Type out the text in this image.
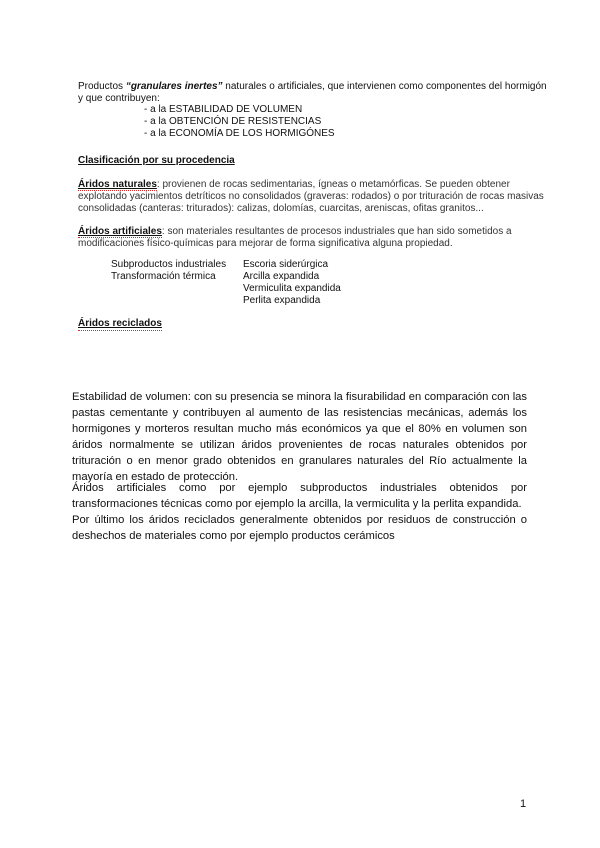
Productos “granulares inertes” naturales o artificiales, que intervienen como componentes del hormigón y que contribuyen:
- a la ESTABILIDAD DE VOLUMEN
- a la OBTENCIÓN DE RESISTENCIAS
- a la ECONOMÍA DE LOS HORMIGÓNES
Clasificación por su procedencia
Áridos naturales: provienen de rocas sedimentarias, ígneas o metamórficas. Se pueden obtener explotando yacimientos detríticos no consolidados (graveras: rodados) o por trituración de rocas masivas consolidadas (canteras: triturados): calizas, dolomías, cuarcitas, areniscas, ofitas granitos...
Áridos artificiales: son materiales resultantes de procesos industriales que han sido sometidos a modificaciones físico-químicas para mejorar de forma significativa alguna propiedad.
Subproductos industriales	Escoria siderúrgica
Transformación térmica	Arcilla expandida
Vermiculita expandida
Perlita expandida
Áridos reciclados
Estabilidad de volumen: con su presencia se minora la fisurabilidad en comparación con las pastas cementante y contribuyen al aumento de las resistencias mecánicas, además los hormigones y morteros resultan mucho más económicos ya que el 80% en volumen son áridos normalmente se utilizan áridos provenientes de rocas naturales obtenidos por trituración o en menor grado obtenidos en granulares naturales del Río actualmente la mayoría en estado de protección.
Áridos artificiales como por ejemplo subproductos industriales obtenidos por transformaciones técnicas como por ejemplo la arcilla, la vermiculita y la perlita expandida.
Por último los áridos reciclados generalmente obtenidos por residuos de construcción o deshechos de materiales como por ejemplo productos cerámicos
1
